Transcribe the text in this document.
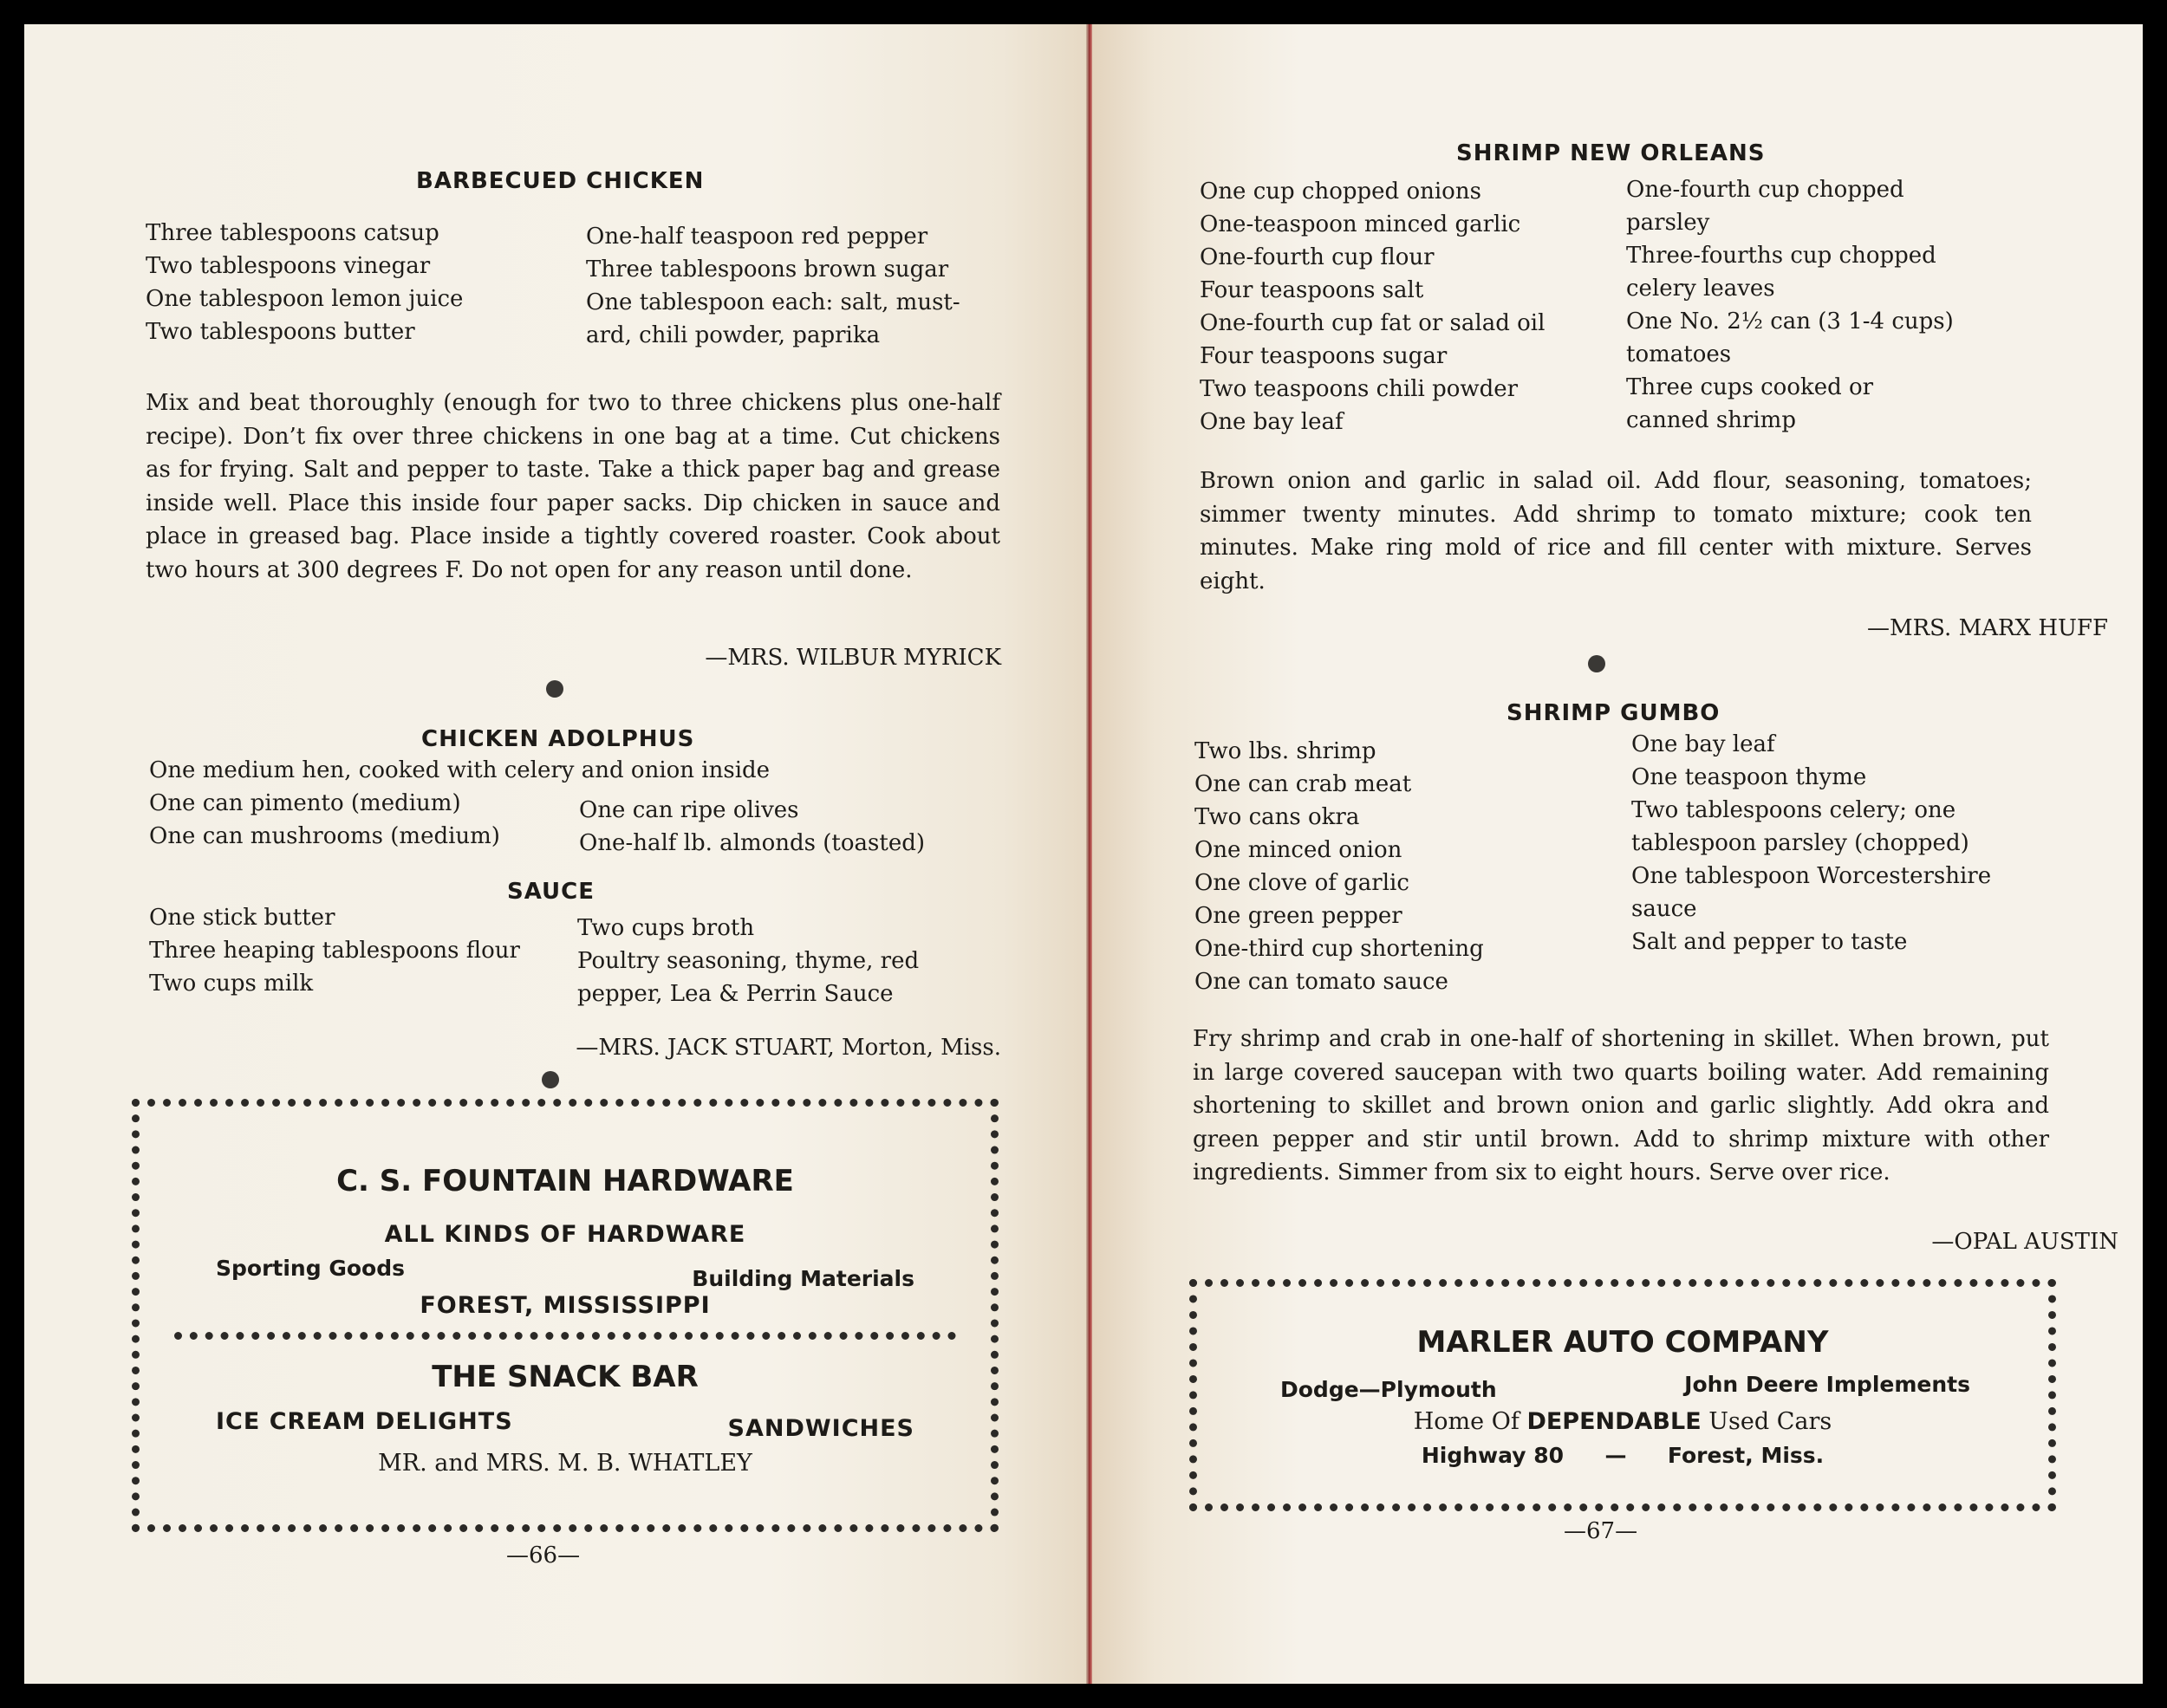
BARBECUED CHICKEN
Three tablespoons catsup
Two tablespoons vinegar
One tablespoon lemon juice
Two tablespoons butter
One-half teaspoon red pepper
Three tablespoons brown sugar
One tablespoon each: salt, must-
ard, chili powder, paprika
Mix and beat thoroughly (enough for two to three chickens plus one-half recipe). Don’t fix over three chickens in one bag at a time. Cut chickens as for frying. Salt and pepper to taste. Take a thick paper bag and grease inside well. Place this inside four paper sacks. Dip chicken in sauce and place in greased bag. Place inside a tightly covered roaster. Cook about two hours at 300 degrees F. Do not open for any reason until done.
—MRS. WILBUR MYRICK
CHICKEN ADOLPHUS
One medium hen, cooked with celery and onion inside
One can pimento (medium)
One can mushrooms (medium)
One can ripe olives
One-half lb. almonds (toasted)
SAUCE
One stick butter
Three heaping tablespoons flour
Two cups milk
Two cups broth
Poultry seasoning, thyme, red
pepper, Lea & Perrin Sauce
—MRS. JACK STUART, Morton, Miss.
C. S. FOUNTAIN HARDWARE
ALL KINDS OF HARDWARE
Sporting Goods	Building Materials
FOREST, MISSISSIPPI
THE SNACK BAR
ICE CREAM DELIGHTS	SANDWICHES
MR. and MRS. M. B. WHATLEY
—66—
SHRIMP NEW ORLEANS
One cup chopped onions
One-teaspoon minced garlic
One-fourth cup flour
Four teaspoons salt
One-fourth cup fat or salad oil
Four teaspoons sugar
Two teaspoons chili powder
One bay leaf
One-fourth cup chopped
parsley
Three-fourths cup chopped
celery leaves
One No. 2½ can (3 1-4 cups)
tomatoes
Three cups cooked or
canned shrimp
Brown onion and garlic in salad oil. Add flour, seasoning, tomatoes; simmer twenty minutes. Add shrimp to tomato mixture; cook ten minutes. Make ring mold of rice and fill center with mixture. Serves eight.
—MRS. MARX HUFF
SHRIMP GUMBO
Two lbs. shrimp
One can crab meat
Two cans okra
One minced onion
One clove of garlic
One green pepper
One-third cup shortening
One can tomato sauce
One bay leaf
One teaspoon thyme
Two tablespoons celery; one
tablespoon parsley (chopped)
One tablespoon Worcestershire
sauce
Salt and pepper to taste
Fry shrimp and crab in one-half of shortening in skillet. When brown, put in large covered saucepan with two quarts boiling water. Add remaining shortening to skillet and brown onion and garlic slightly. Add okra and green pepper and stir until brown. Add to shrimp mixture with other ingredients. Simmer from six to eight hours. Serve over rice.
—OPAL AUSTIN
MARLER AUTO COMPANY
Dodge—Plymouth	John Deere Implements
Home Of DEPENDABLE Used Cars
Highway 80 — Forest, Miss.
—67—
